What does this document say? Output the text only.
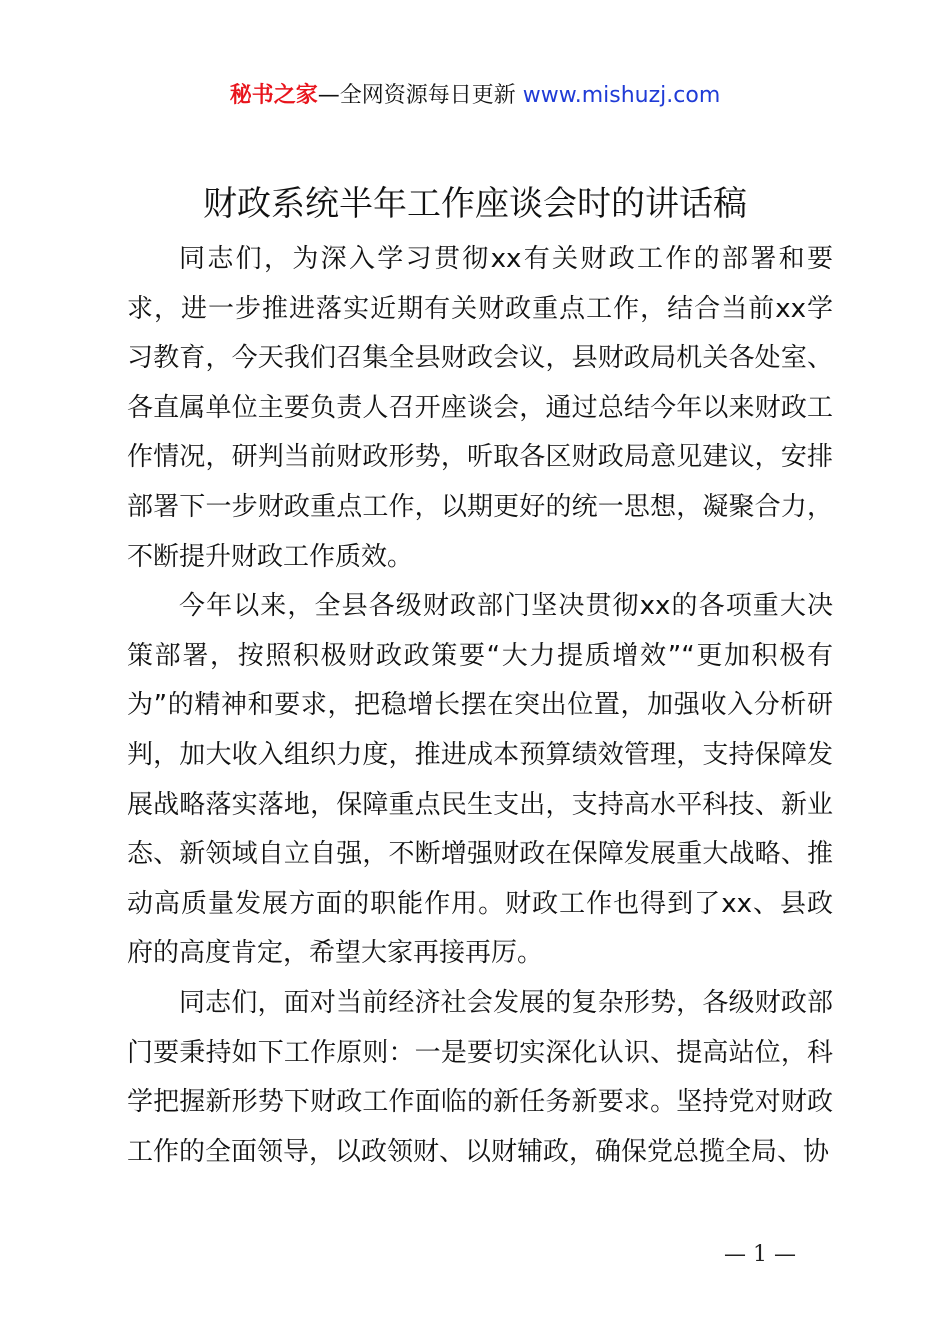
秘书之家—全网资源每日更新 www.mishuzj.com
财政系统半年工作座谈会时的讲话稿

同志们，为深入学习贯彻xx有关财政工作的部署和要求，进一步推进落实近期有关财政重点工作，结合当前xx学习教育，今天我们召集全县财政会议，县财政局机关各处室、各直属单位主要负责人召开座谈会，通过总结今年以来财政工作情况，研判当前财政形势，听取各区财政局意见建议，安排部署下一步财政重点工作，以期更好的统一思想，凝聚合力，不断提升财政工作质效。

今年以来，全县各级财政部门坚决贯彻xx的各项重大决策部署，按照积极财政政策要“大力提质增效”“更加积极有为”的精神和要求，把稳增长摆在突出位置，加强收入分析研判，加大收入组织力度，推进成本预算绩效管理，支持保障发展战略落实落地，保障重点民生支出，支持高水平科技、新业态、新领域自立自强，不断增强财政在保障发展重大战略、推动高质量发展方面的职能作用。财政工作也得到了xx、县政府的高度肯定，希望大家再接再厉。

同志们，面对当前经济社会发展的复杂形势，各级财政部门要秉持如下工作原则：一是要切实深化认识、提高站位，科学把握新形势下财政工作面临的新任务新要求。坚持党对财政工作的全面领导，以政领财、以财辅政，确保党总揽全局、协

— 1 —
